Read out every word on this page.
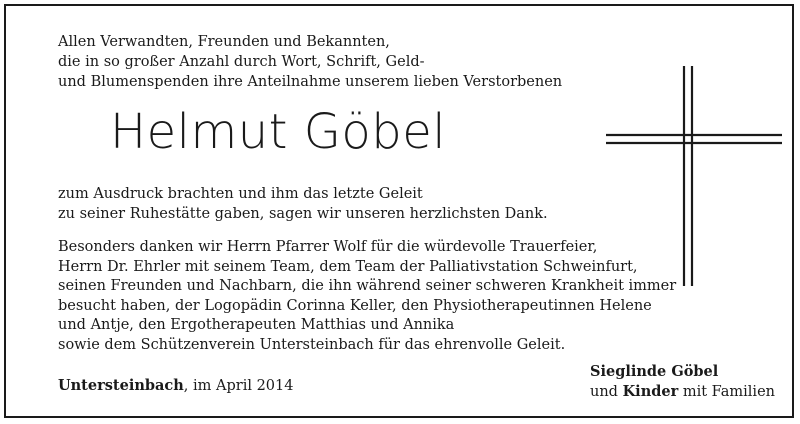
Allen Verwandten, Freunden und Bekannten,
die in so großer Anzahl durch Wort, Schrift, Geld-
und Blumenspenden ihre Anteilnahme unserem lieben Verstorbenen
Helmut Göbel
zum Ausdruck brachten und ihm das letzte Geleit
zu seiner Ruhestätte gaben, sagen wir unseren herzlichsten Dank.
Besonders danken wir Herrn Pfarrer Wolf für die würdevolle Trauerfeier,
Herrn Dr. Ehrler mit seinem Team, dem Team der Palliativstation Schweinfurt,
seinen Freunden und Nachbarn, die ihn während seiner schweren Krankheit immer
besucht haben, der Logopädin Corinna Keller, den Physiotherapeutinnen Helene
und Antje, den Ergotherapeuten Matthias und Annika
sowie dem Schützenverein Untersteinbach für das ehrenvolle Geleit.
Untersteinbach, im April 2014
Sieglinde Göbel
und Kinder mit Familien
